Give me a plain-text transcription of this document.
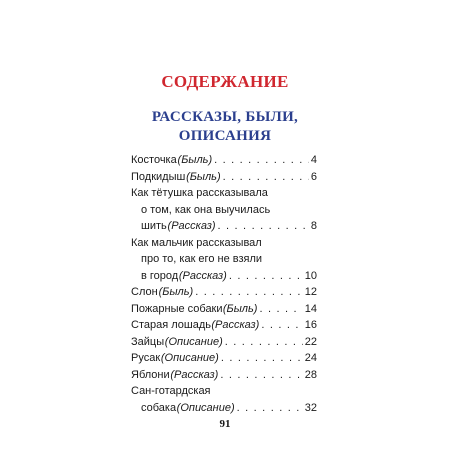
СОДЕРЖАНИЕ
РАССКАЗЫ, БЫЛИ,
ОПИСАНИЯ
Косточка (Быль) . . .	4
Подкидыш (Быль) . . .	6
Как тётушка рассказывала
о том, как она выучилась
шить (Рассказ) . . .	8
Как мальчик рассказывал
про то, как его не взяли
в город (Рассказ) . . .	10
Слон (Быль) . . .	12
Пожарные собаки (Быль) . . .	14
Старая лошадь (Рассказ) . . .	16
Зайцы (Описание) . . .	22
Русак (Описание) . . .	24
Яблони (Рассказ) . . .	28
Сан-готардская
собака (Описание) . . .	32
91
